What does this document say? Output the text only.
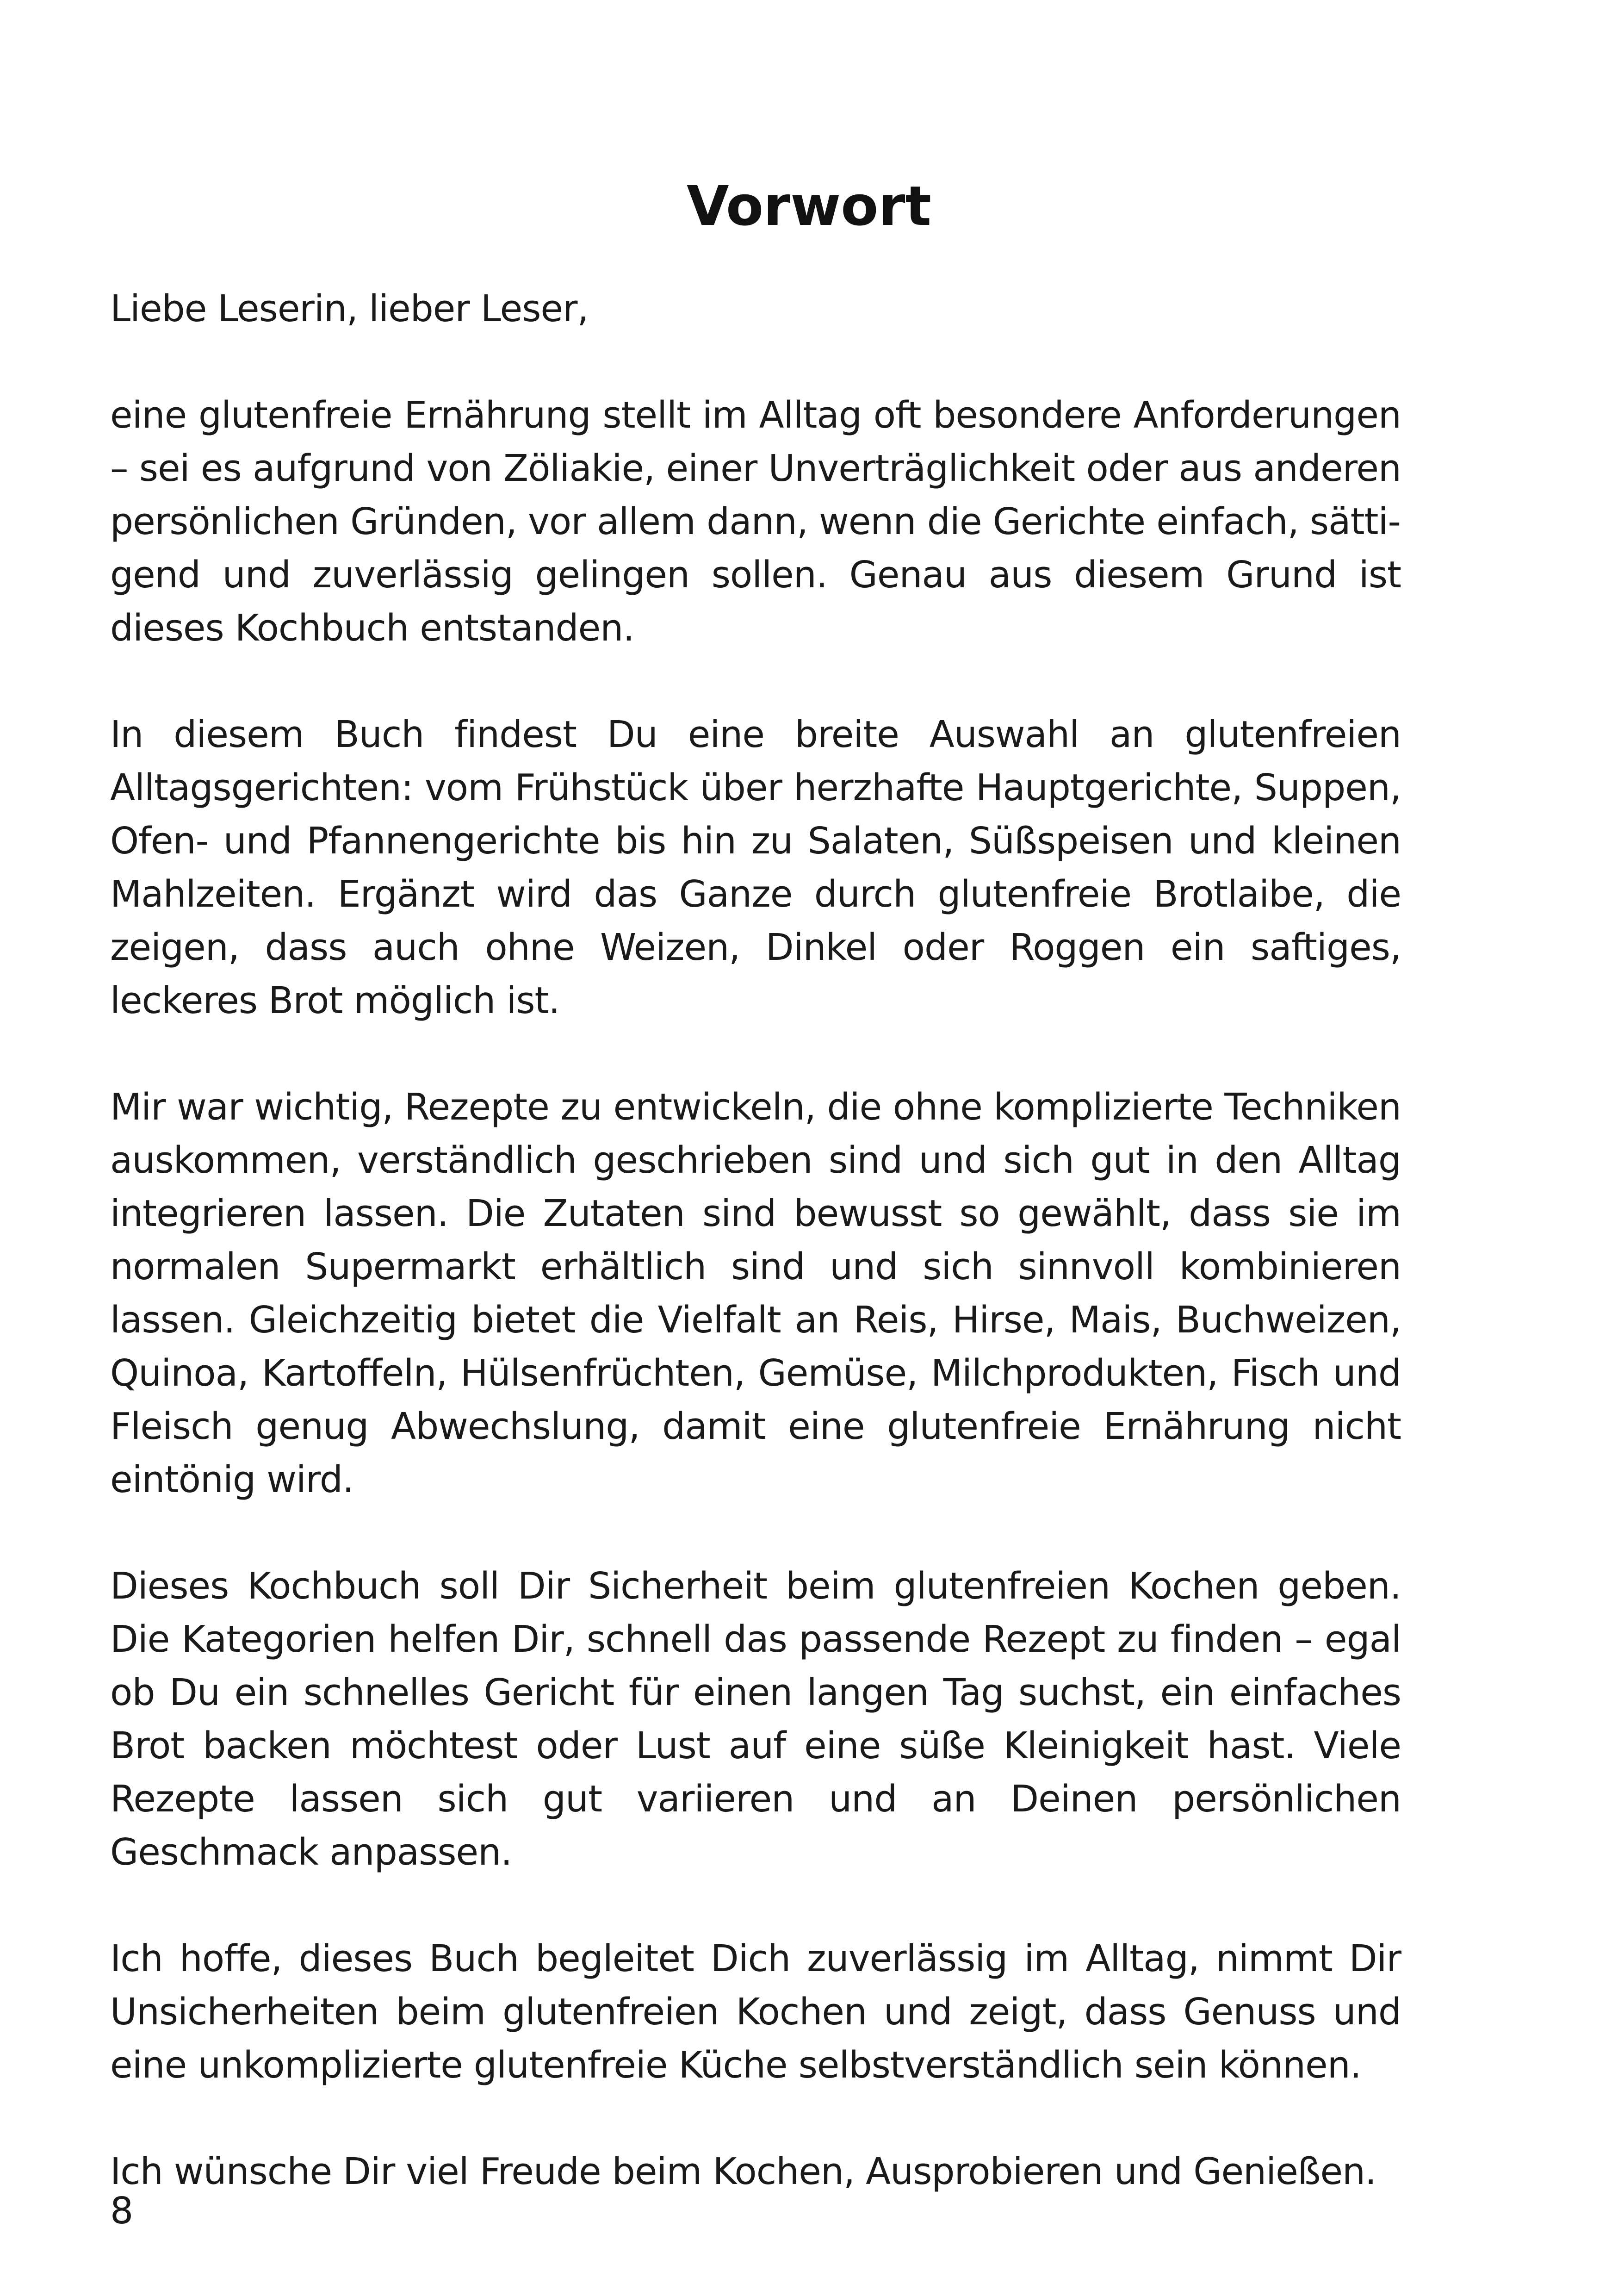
Vorwort

Liebe Leserin, lieber Leser,

eine glutenfreie Ernährung stellt im Alltag oft besondere Anforderungen – sei es aufgrund von Zöliakie, einer Unverträglichkeit oder aus anderen persönlichen Gründen, vor allem dann, wenn die Gerichte einfach, sättigend und zuverlässig gelingen sollen. Genau aus diesem Grund ist dieses Kochbuch entstanden.

In diesem Buch findest Du eine breite Auswahl an glutenfreien Alltagsgerichten: vom Frühstück über herzhafte Hauptgerichte, Suppen, Ofen- und Pfannengerichte bis hin zu Salaten, Süßspeisen und kleinen Mahlzeiten. Ergänzt wird das Ganze durch glutenfreie Brotlaibe, die zeigen, dass auch ohne Weizen, Dinkel oder Roggen ein saftiges, leckeres Brot möglich ist.

Mir war wichtig, Rezepte zu entwickeln, die ohne komplizierte Techniken auskommen, verständlich geschrieben sind und sich gut in den Alltag integrieren lassen. Die Zutaten sind bewusst so gewählt, dass sie im normalen Supermarkt erhältlich sind und sich sinnvoll kombinieren lassen. Gleichzeitig bietet die Vielfalt an Reis, Hirse, Mais, Buchweizen, Quinoa, Kartoffeln, Hülsenfrüchten, Gemüse, Milchprodukten, Fisch und Fleisch genug Abwechslung, damit eine glutenfreie Ernährung nicht eintönig wird.

Dieses Kochbuch soll Dir Sicherheit beim glutenfreien Kochen geben. Die Kategorien helfen Dir, schnell das passende Rezept zu finden – egal ob Du ein schnelles Gericht für einen langen Tag suchst, ein einfaches Brot backen möchtest oder Lust auf eine süße Kleinigkeit hast. Viele Rezepte lassen sich gut variieren und an Deinen persönlichen Geschmack anpassen.

Ich hoffe, dieses Buch begleitet Dich zuverlässig im Alltag, nimmt Dir Unsicherheiten beim glutenfreien Kochen und zeigt, dass Genuss und eine unkomplizierte glutenfreie Küche selbstverständlich sein können.

Ich wünsche Dir viel Freude beim Kochen, Ausprobieren und Genießen.

8
